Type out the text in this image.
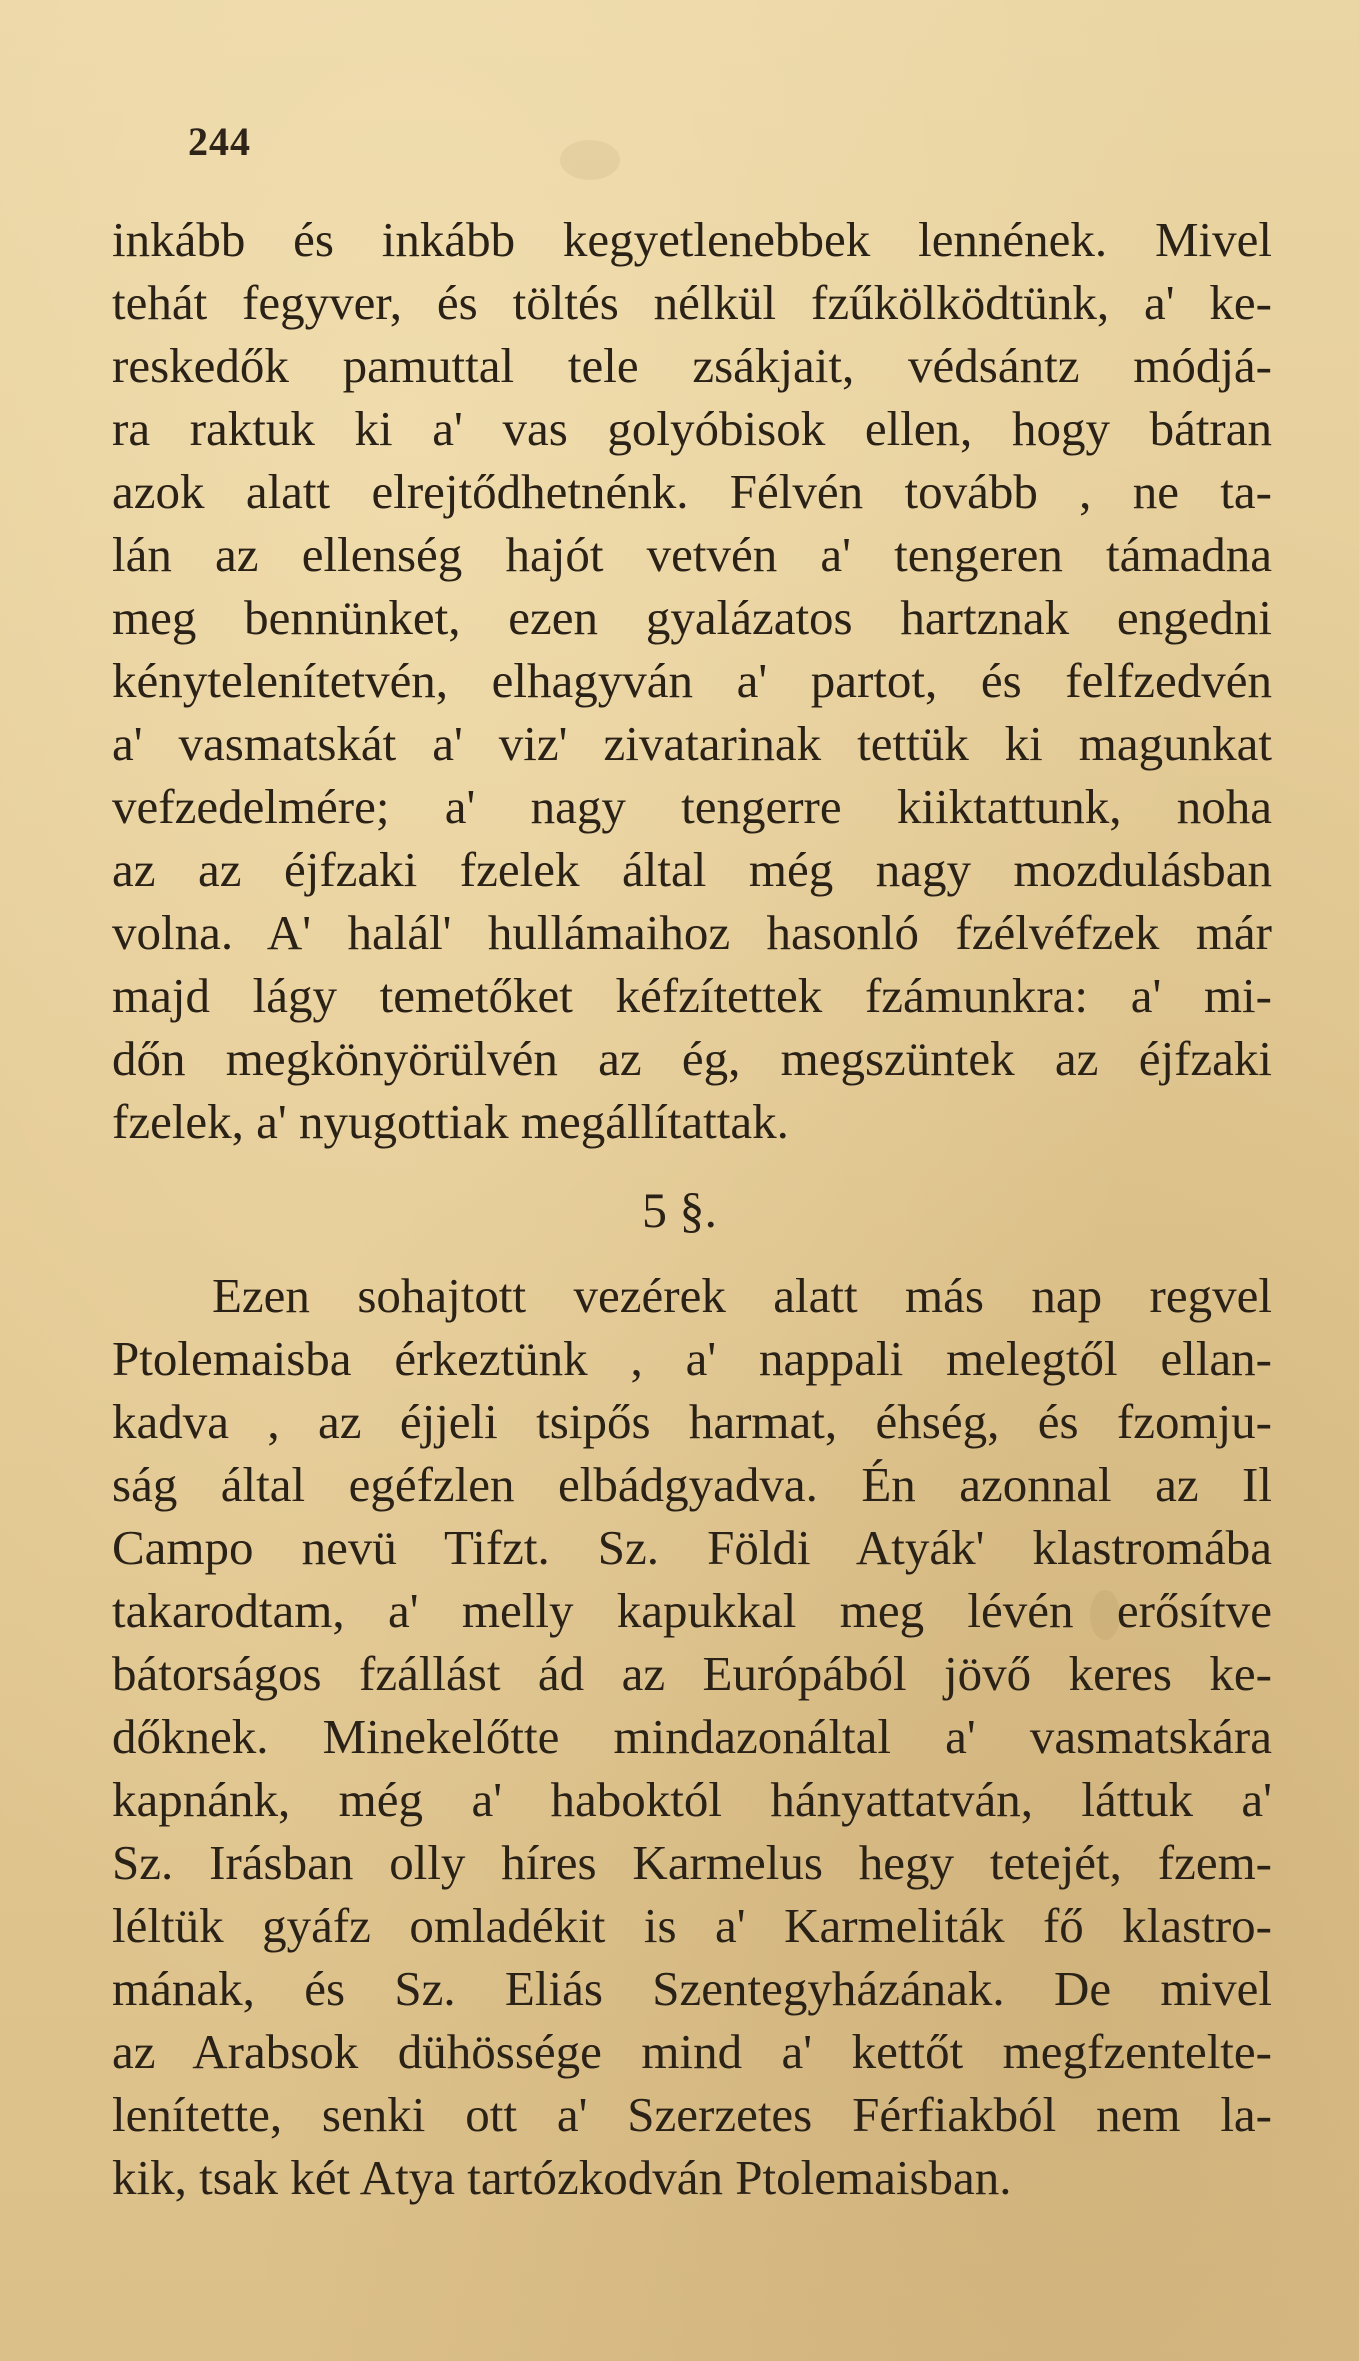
244
inkább és inkább kegyetlenebbek lennének. Mivel
tehát fegyver, és töltés nélkül fzűkölködtünk, a' ke-
reskedők pamuttal tele zsákjait, védsántz módjá-
ra raktuk ki a' vas golyóbisok ellen, hogy bátran
azok alatt elrejtődhetnénk. Félvén tovább , ne ta-
lán az ellenség hajót vetvén a' tengeren támadna
meg bennünket, ezen gyalázatos hartznak engedni
kénytelenítetvén, elhagyván a' partot, és felfzedvén
a' vasmatskát a' viz' zivatarinak tettük ki magunkat
vefzedelmére; a' nagy tengerre kiiktattunk, noha
az az éjfzaki fzelek által még nagy mozdulásban
volna. A' halál' hullámaihoz hasonló fzélvéfzek már
majd lágy temetőket kéfzítettek fzámunkra: a' mi-
dőn megkönyörülvén az ég, megszüntek az éjfzaki
fzelek, a' nyugottiak megállítattak.
5 §.
Ezen sohajtott vezérek alatt más nap regvel
Ptolemaisba érkeztünk , a' nappali melegtől ellan-
kadva , az éjjeli tsipős harmat, éhség, és fzomju-
ság által egéfzlen elbádgyadva. Én azonnal az Il
Campo nevü Tifzt. Sz. Földi Atyák' klastromába
takarodtam, a' melly kapukkal meg lévén erősítve
bátorságos fzállást ád az Európából jövő keres ke-
dőknek. Minekelőtte mindazonáltal a' vasmatskára
kapnánk, még a' haboktól hányattatván, láttuk a'
Sz. Irásban olly híres Karmelus hegy tetejét, fzem-
léltük gyáfz omladékit is a' Karmeliták fő klastro-
mának, és Sz. Eliás Szentegyházának. De mivel
az Arabsok dühössége mind a' kettőt megfzentelte-
lenítette, senki ott a' Szerzetes Férfiakból nem la-
kik, tsak két Atya tartózkodván Ptolemaisban.
